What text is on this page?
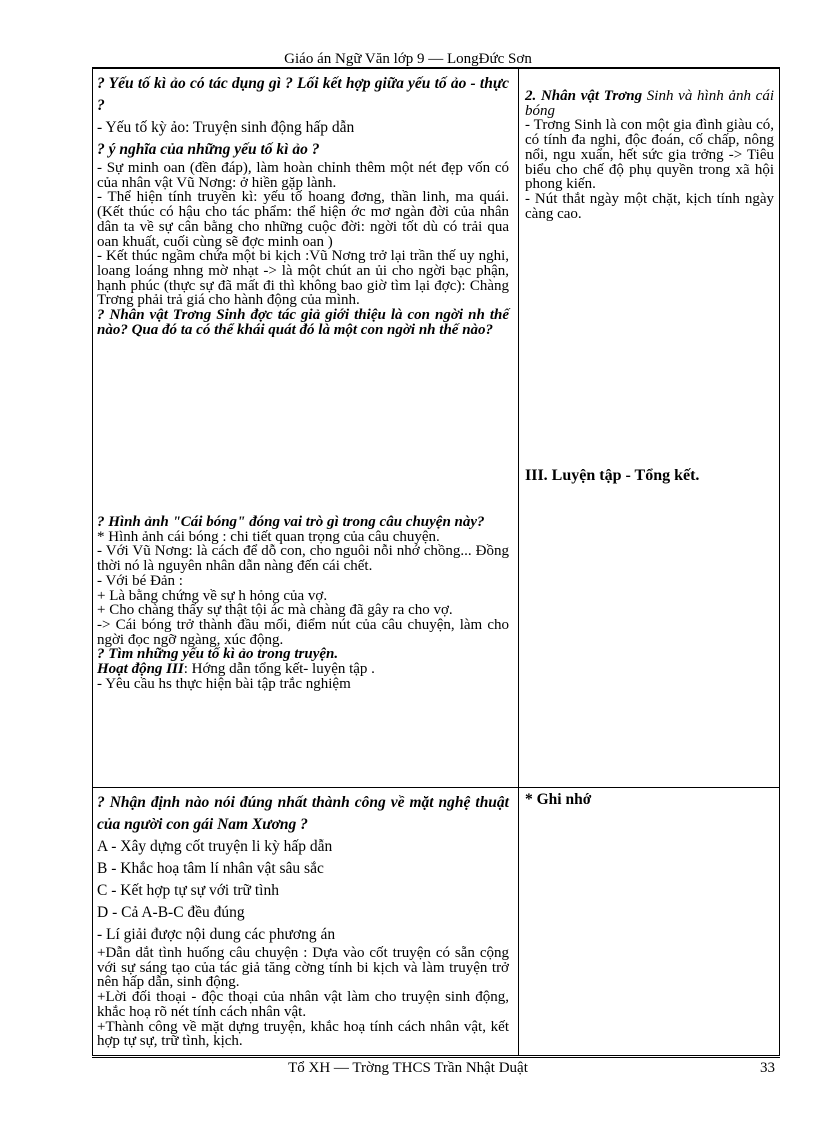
Giáo án Ngữ Văn lớp 9 — LongĐức Sơn

? Yếu tố kì ảo có tác dụng gì ? Lối kết hợp giữa yếu tố ảo - thực ?

- Yếu tố kỳ ảo: Truyện sinh động hấp dẫn

? ý nghĩa của những yếu tố kì ảo ?

- Sự minh oan (đền đáp), làm hoàn chỉnh thêm một nét đẹp vốn có của nhân vật Vũ Nơng: ở hiền gặp lành.

- Thể hiện tính truyền kì: yếu tố hoang đơng, thần linh, ma quái. (Kết thúc có hậu cho tác phẩm: thể hiện ớc mơ ngàn đời của nhân dân ta về sự cân bằng cho những cuộc đời: ngời tốt dù có trải qua oan khuất, cuối cùng sẽ đợc minh oan )

- Kết thúc ngầm chứa một bi kịch :Vũ Nơng trở lại trần thế uy nghi, loang loáng nhng mờ nhạt -> là một chút an ủi cho ngời bạc phận, hạnh phúc (thực sự đã mất đi thì không bao giờ tìm lại đợc): Chàng Trơng phải trả giá cho hành động của mình.

? Nhân vật Trơng Sinh đợc tác giả giới thiệu là con ngời nh thế nào? Qua đó ta có thể khái quát đó là một con ngời nh thế nào?

? Hình ảnh "Cái bóng" đóng vai trò gì trong câu chuyện này?

* Hình ảnh cái bóng : chi tiết quan trọng của câu chuyện.

- Với Vũ Nơng: là cách để dỗ con, cho nguôi nỗi nhớ chồng... Đồng thời nó là nguyên nhân dẫn nàng đến cái chết.

- Với bé Đản :

+ Là bằng chứng về sự h hỏng của vợ.

+ Cho chàng thấy sự thật tội ác mà chàng đã gây ra cho vợ.

-> Cái bóng trở thành đầu mối, điểm nút của câu chuyện, làm cho ngời đọc ngỡ ngàng, xúc động.

? Tìm những yếu tố kì ảo trong truyện.

Hoạt động III: Hớng dẫn tổng kết- luyện tập .

- Yêu cầu hs thực hiện bài tập trắc nghiệm

? Nhận định nào nói đúng nhất thành công về mặt nghệ thuật của người con gái Nam Xương ?

A - Xây dựng cốt truyện li kỳ hấp dẫn

B - Khắc hoạ tâm lí nhân vật sâu sắc

C - Kết hợp tự sự với trữ tình

D - Cả A-B-C đều đúng

- Lí giải được nội dung các phương án

+Dẫn dắt tình huống câu chuyện : Dựa vào cốt truyện có sẵn cộng với sự sáng tạo của tác giả tăng cờng tính bi kịch và làm truyện trở nên hấp dẫn, sinh động.

+Lời đối thoại - độc thoại của nhân vật làm cho truyện sinh động, khắc hoạ rõ nét tính cách nhân vật.

+Thành công về mặt dựng truyện, khắc hoạ tính cách nhân vật, kết hợp tự sự, trữ tình, kịch.

2. Nhân vật Trơng Sinh và hình ảnh cái bóng

- Trơng Sinh là con một gia đình giàu có, có tính đa nghi, độc đoán, cố chấp, nông nổi, ngu xuẩn, hết sức gia trởng -> Tiêu biểu cho chế độ phụ quyền trong xã hội phong kiến.

- Nút thắt ngày một chặt, kịch tính ngày càng cao.

III. Luyện tập - Tổng kết.
* Ghi nhớ
Tổ XH — Trờng THCS Trần Nhật Duật	33
